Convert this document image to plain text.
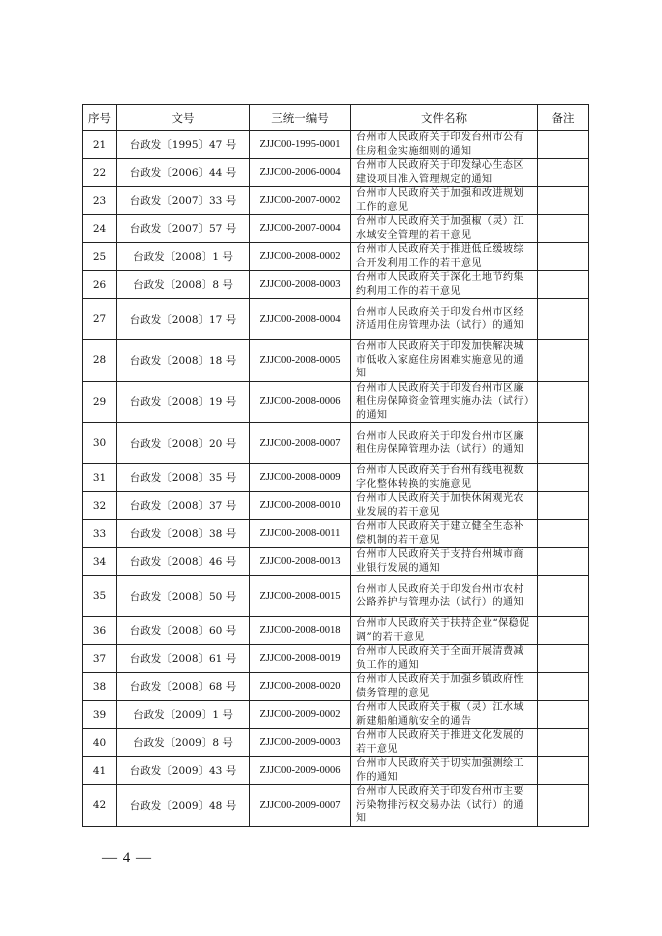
序号	文号	三统一编号	文件名称	备注
21	台政发〔1995〕47 号	ZJJC00-1995-0001	台州市人民政府关于印发台州市公有住房租金实施细则的通知	
22	台政发〔2006〕44 号	ZJJC00-2006-0004	台州市人民政府关于印发绿心生态区建设项目准入管理规定的通知	
23	台政发〔2007〕33 号	ZJJC00-2007-0002	台州市人民政府关于加强和改进规划工作的意见	
24	台政发〔2007〕57 号	ZJJC00-2007-0004	台州市人民政府关于加强椒（灵）江水域安全管理的若干意见	
25	台政发〔2008〕1 号	ZJJC00-2008-0002	台州市人民政府关于推进低丘缓坡综合开发利用工作的若干意见	
26	台政发〔2008〕8 号	ZJJC00-2008-0003	台州市人民政府关于深化土地节约集约利用工作的若干意见	
27	台政发〔2008〕17 号	ZJJC00-2008-0004	台州市人民政府关于印发台州市区经济适用住房管理办法（试行）的通知	
28	台政发〔2008〕18 号	ZJJC00-2008-0005	台州市人民政府关于印发加快解决城市低收入家庭住房困难实施意见的通知	
29	台政发〔2008〕19 号	ZJJC00-2008-0006	台州市人民政府关于印发台州市区廉租住房保障资金管理实施办法（试行）的通知	
30	台政发〔2008〕20 号	ZJJC00-2008-0007	台州市人民政府关于印发台州市区廉租住房保障管理办法（试行）的通知	
31	台政发〔2008〕35 号	ZJJC00-2008-0009	台州市人民政府关于台州有线电视数字化整体转换的实施意见	
32	台政发〔2008〕37 号	ZJJC00-2008-0010	台州市人民政府关于加快休闲观光农业发展的若干意见	
33	台政发〔2008〕38 号	ZJJC00-2008-0011	台州市人民政府关于建立健全生态补偿机制的若干意见	
34	台政发〔2008〕46 号	ZJJC00-2008-0013	台州市人民政府关于支持台州城市商业银行发展的通知	
35	台政发〔2008〕50 号	ZJJC00-2008-0015	台州市人民政府关于印发台州市农村公路养护与管理办法（试行）的通知	
36	台政发〔2008〕60 号	ZJJC00-2008-0018	台州市人民政府关于扶持企业“保稳促调”的若干意见	
37	台政发〔2008〕61 号	ZJJC00-2008-0019	台州市人民政府关于全面开展清费减负工作的通知	
38	台政发〔2008〕68 号	ZJJC00-2008-0020	台州市人民政府关于加强乡镇政府性债务管理的意见	
39	台政发〔2009〕1 号	ZJJC00-2009-0002	台州市人民政府关于椒（灵）江水域新建船舶通航安全的通告	
40	台政发〔2009〕8 号	ZJJC00-2009-0003	台州市人民政府关于推进文化发展的若干意见	
41	台政发〔2009〕43 号	ZJJC00-2009-0006	台州市人民政府关于切实加强测绘工作的通知	
42	台政发〔2009〕48 号	ZJJC00-2009-0007	台州市人民政府关于印发台州市主要污染物排污权交易办法（试行）的通知	
— 4 —
